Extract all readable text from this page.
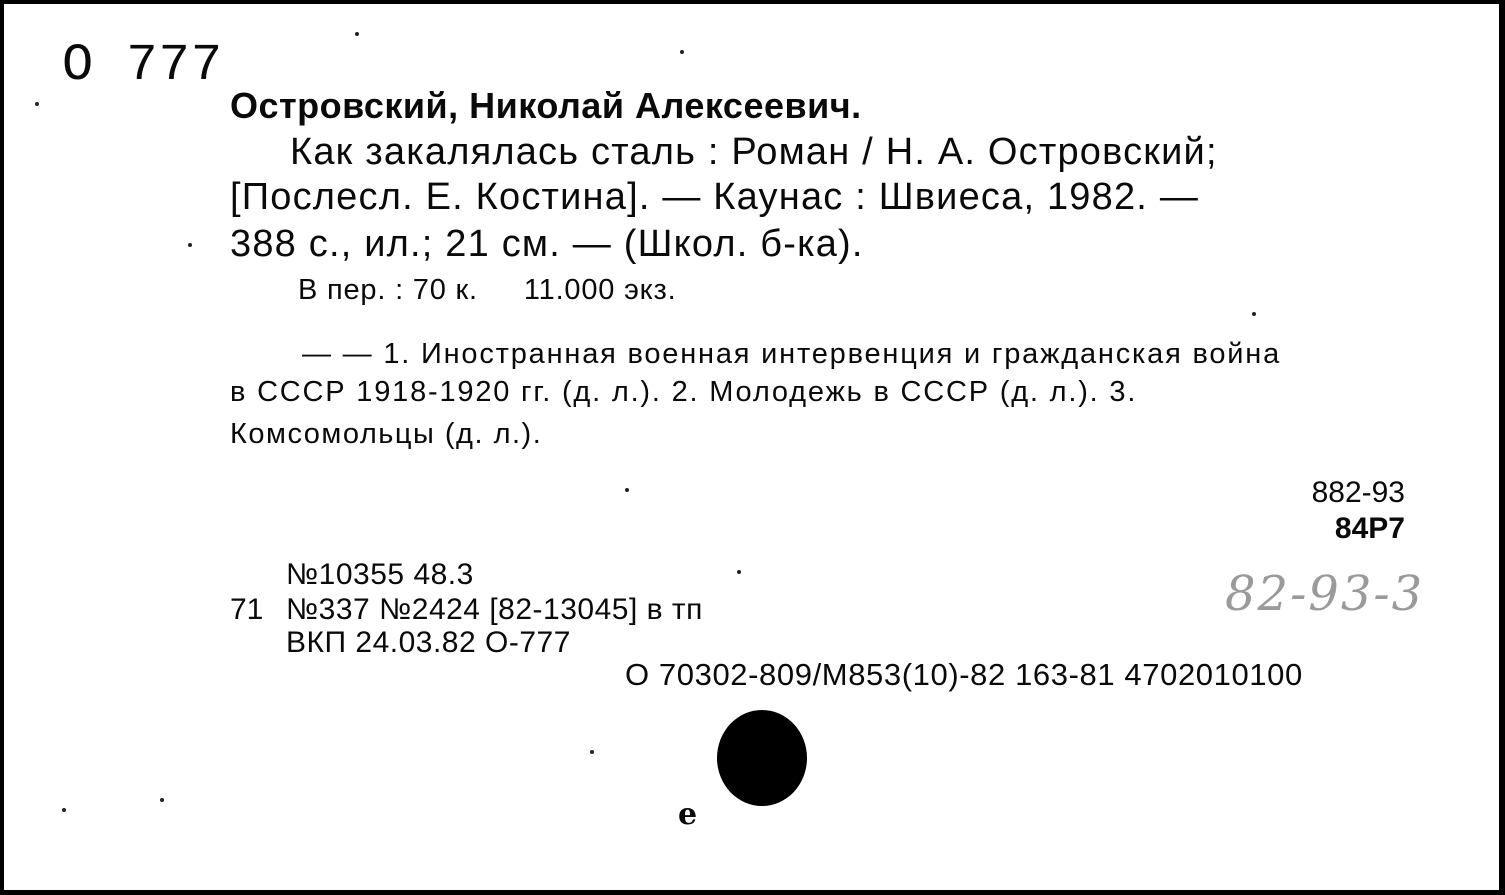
О 777
Островский, Николай Алексеевич.
Как закалялась сталь : Роман / Н. А. Островский;
[Послесл. Е. Костина]. — Каунас : Швиеса, 1982. —
388 с., ил.; 21 см. — (Школ. б-ка).
В пер. : 70 к. 11.000 экз.
— — 1. Иностранная военная интервенция и гражданская война
в СССР 1918-1920 гг. (д. л.). 2. Молодежь в СССР (д. л.). 3.
Комсомольцы (д. л.).
882-93
84Р7
№10355 48.3
71 №337 №2424 [82-13045] в тп
ВКП 24.03.82 О-777
О 70302-809/М853(10)-82 163-81 4702010100
82-93-3
е
